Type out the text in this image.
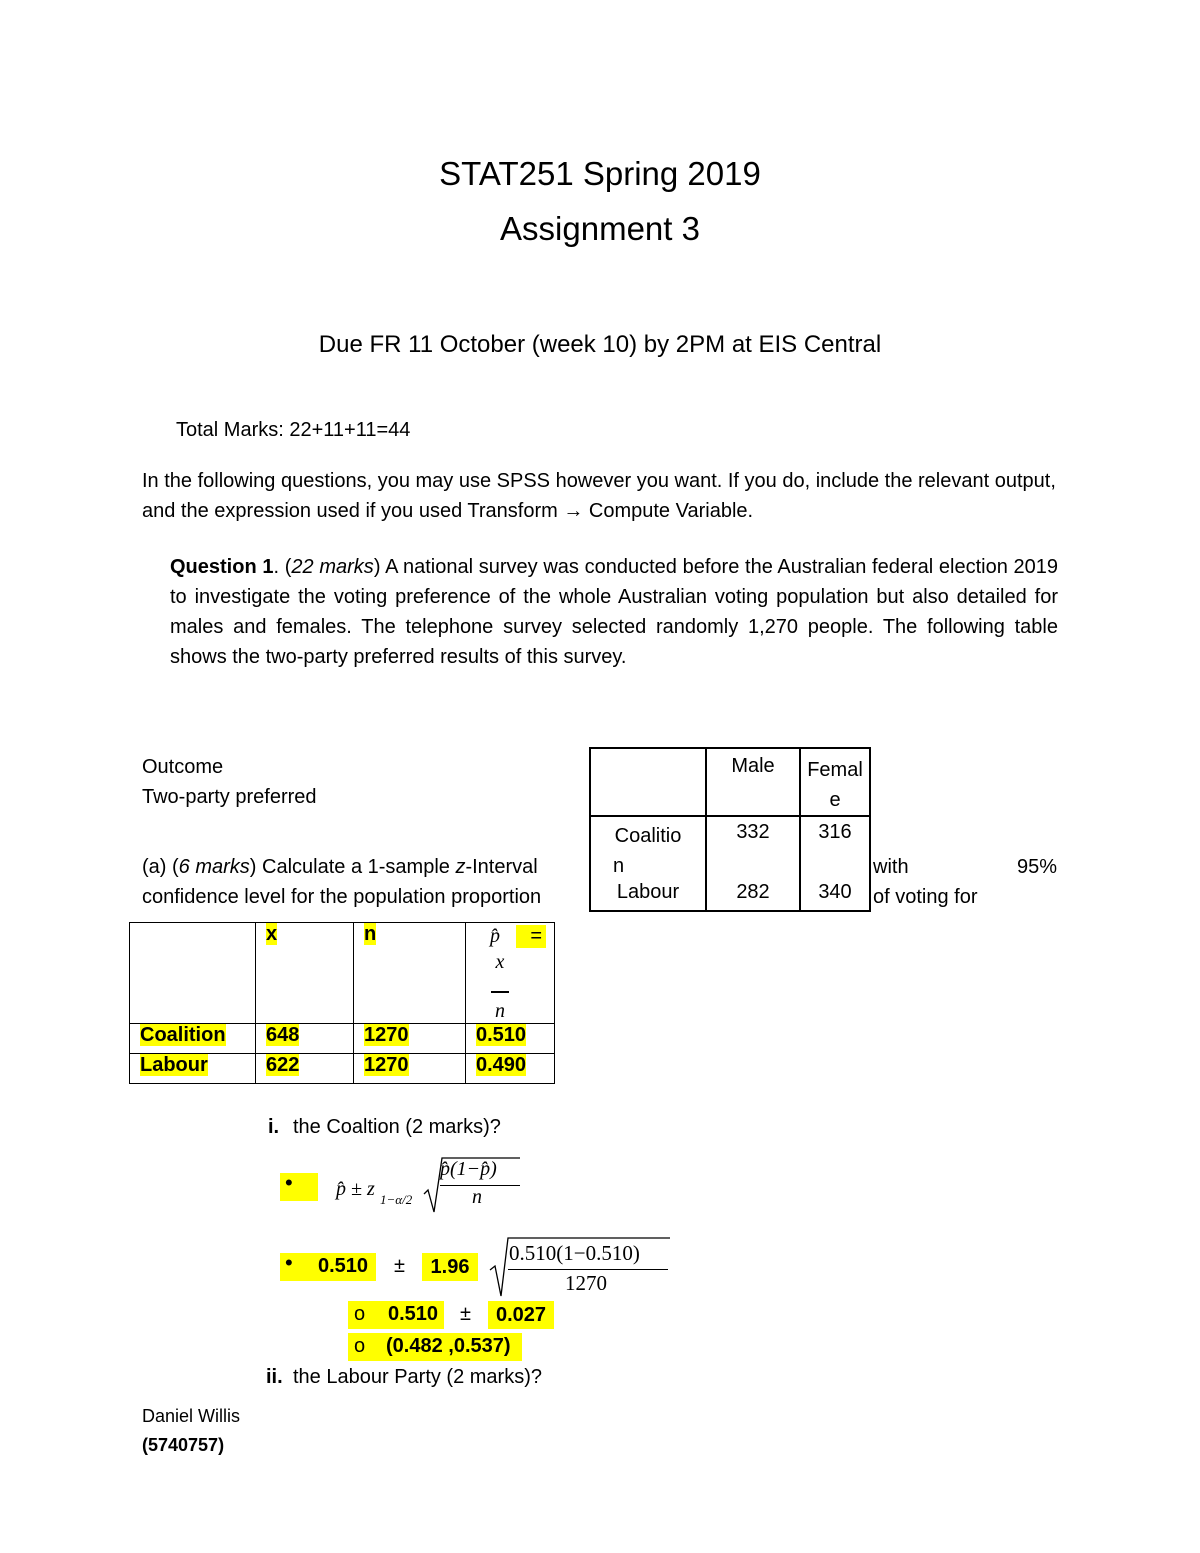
STAT251 Spring 2019
Assignment 3
Due FR 11 October (week 10) by 2PM at EIS Central
Total Marks: 22+11+11=44
In the following questions, you may use SPSS however you want. If you do, include the relevant output, and the expression used if you used Transform → Compute Variable.
Question 1. (22 marks) A national survey was conducted before the Australian federal election 2019 to investigate the voting preference of the whole Australian voting population but also detailed for males and females. The telephone survey selected randomly 1,270 people. The following table shows the two-party preferred results of this survey.
Outcome
Two-party preferred
(a) (6 marks) Calculate a 1-sample z-Interval	with	95%
confidence level for the population proportion	of voting for
	Male	Femal
e
Coalitio
n	332	316
Labour	282	340
	x	n	p̂ =
x
n

Coalition	648	1270	0.510
Labour	622	1270	0.490
i. the Coaltion (2 marks)?
• p̂ ± z 1−α/2
p̂(1−p̂)
n
• 0.510 ±	1.96
0.510(1−0.510)
1270
o 0.510 ±	0.027
o (0.482 ,0.537)
ii. the Labour Party (2 marks)?
Daniel Willis
(5740757)
